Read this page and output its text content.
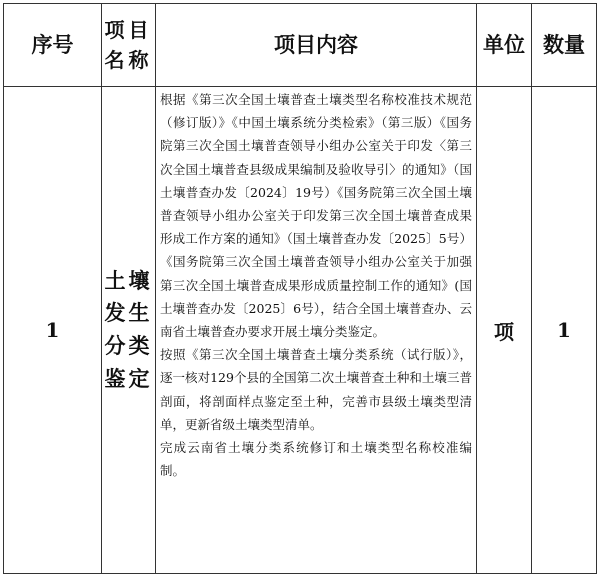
序号	项目名称	项目内容	单位	数量
1	土壤发生分类鉴定	根据《第三次全国土壤普查土壤类型名称校准技术规范（修订版）》《中国土壤系统分类检索》（第三版）《国务院第三次全国土壤普查领导小组办公室关于印发〈第三次全国土壤普查县级成果编制及验收导引〉的通知》（国土壤普查办发〔2024〕19号）《国务院第三次全国土壤普查领导小组办公室关于印发第三次全国土壤普查成果形成工作方案的通知》（国土壤普查办发〔2025〕5号）《国务院第三次全国土壤普查领导小组办公室关于加强第三次全国土壤普查成果形成质量控制工作的通知》(国土壤普查办发〔2025〕6号），结合全国土壤普查办、云南省土壤普查办要求开展土壤分类鉴定。

按照《第三次全国土壤普查土壤分类系统（试行版）》，逐一核对129个县的全国第二次土壤普查土种和土壤三普剖面，将剖面样点鉴定至土种，完善市县级土壤类型清单，更新省级土壤类型清单。

完成云南省土壤分类系统修订和土壤类型名称校准编制。	项	1
